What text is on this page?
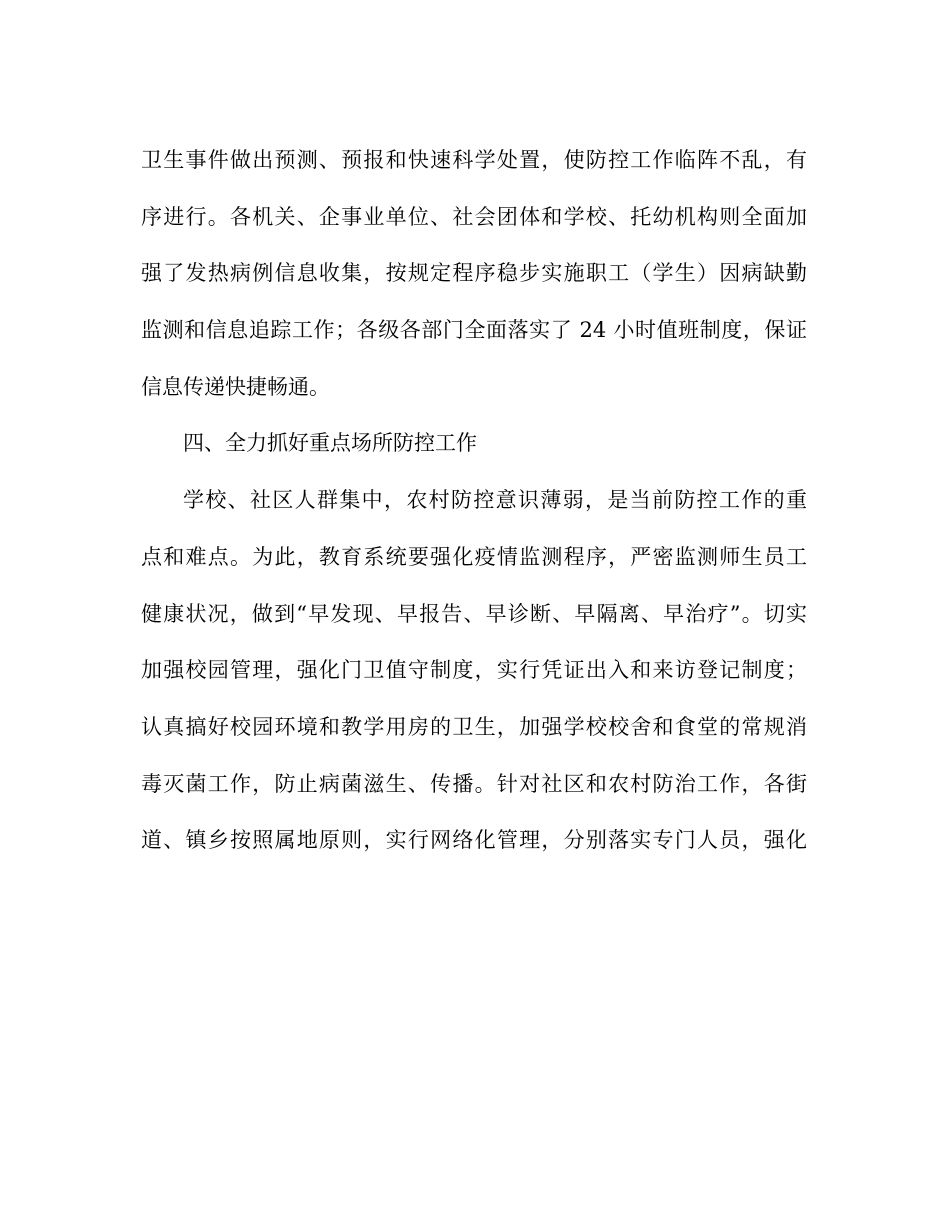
卫生事件做出预测、预报和快速科学处置，使防控工作临阵不乱，有
序进行。各机关、企事业单位、社会团体和学校、托幼机构则全面加
强了发热病例信息收集，按规定程序稳步实施职工（学生）因病缺勤
监测和信息追踪工作；各级各部门全面落实了 24 小时值班制度，保证
信息传递快捷畅通。
四、全力抓好重点场所防控工作
学校、社区人群集中，农村防控意识薄弱，是当前防控工作的重
点和难点。为此，教育系统要强化疫情监测程序，严密监测师生员工
健康状况，做到“早发现、早报告、早诊断、早隔离、早治疗”。切实
加强校园管理，强化门卫值守制度，实行凭证出入和来访登记制度；
认真搞好校园环境和教学用房的卫生，加强学校校舍和食堂的常规消
毒灭菌工作，防止病菌滋生、传播。针对社区和农村防治工作，各街
道、镇乡按照属地原则，实行网络化管理，分别落实专门人员，强化
